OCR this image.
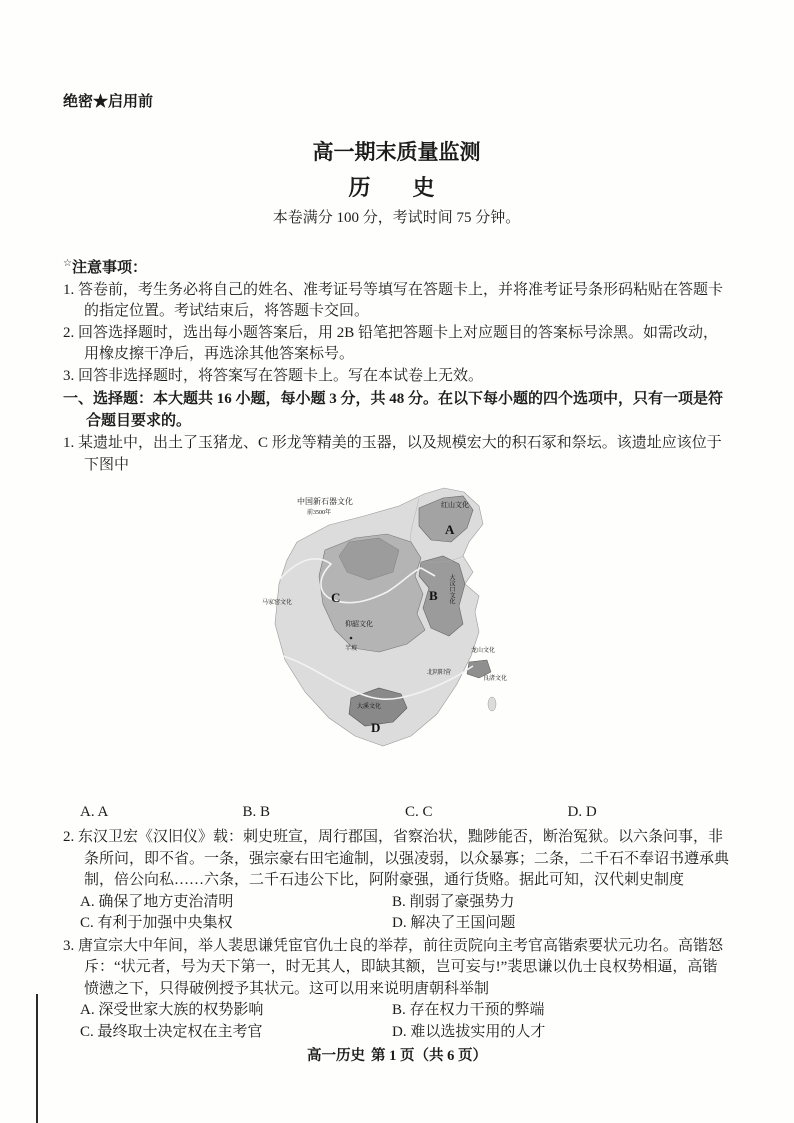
绝密★启用前
高一期末质量监测
历　史
本卷满分 100 分，考试时间 75 分钟。
☆注意事项：
1. 答卷前，考生务必将自己的姓名、准考证号等填写在答题卡上，并将准考证号条形码粘贴在答题卡的指定位置。考试结束后，将答题卡交回。
2. 回答选择题时，选出每小题答案后，用 2B 铅笔把答题卡上对应题目的答案标号涂黑。如需改动，用橡皮擦干净后，再选涂其他答案标号。
3. 回答非选择题时，将答案写在答题卡上。写在本试卷上无效。
一、选择题：本大题共 16 小题，每小题 3 分，共 48 分。在以下每小题的四个选项中，只有一项是符合题目要求的。
1. 某遗址中，出土了玉猪龙、C 形龙等精美的玉器，以及规模宏大的积石冢和祭坛。该遗址应该位于下图中
中国新石器文化
前3500年
红山文化
A
马家窑文化	C
仰韶文化
半坡
B 大汶口文化
龙山文化
北阴阳营
良渚文化
大溪文化
D
A. A	B. B	C. C	D. D
2. 东汉卫宏《汉旧仪》载：刺史班宣，周行郡国，省察治状，黜陟能否，断治冤狱。以六条问事，非条所问，即不省。一条，强宗豪右田宅逾制，以强凌弱，以众暴寡；二条，二千石不奉诏书遵承典制，倍公向私……六条，二千石违公下比，阿附豪强，通行货赂。据此可知，汉代刺史制度
A. 确保了地方吏治清明	B. 削弱了豪强势力
C. 有利于加强中央集权	D. 解决了王国问题
3. 唐宣宗大中年间，举人裴思谦凭宦官仇士良的举荐，前往贡院向主考官高锴索要状元功名。高锴怒斥：“状元者，号为天下第一，时无其人，即缺其额，岂可妄与!”裴思谦以仇士良权势相逼，高锴愤懑之下，只得破例授予其状元。这可以用来说明唐朝科举制
A. 深受世家大族的权势影响	B. 存在权力干预的弊端
C. 最终取士决定权在主考官	D. 难以选拔实用的人才
高一历史 第 1 页（共 6 页）
